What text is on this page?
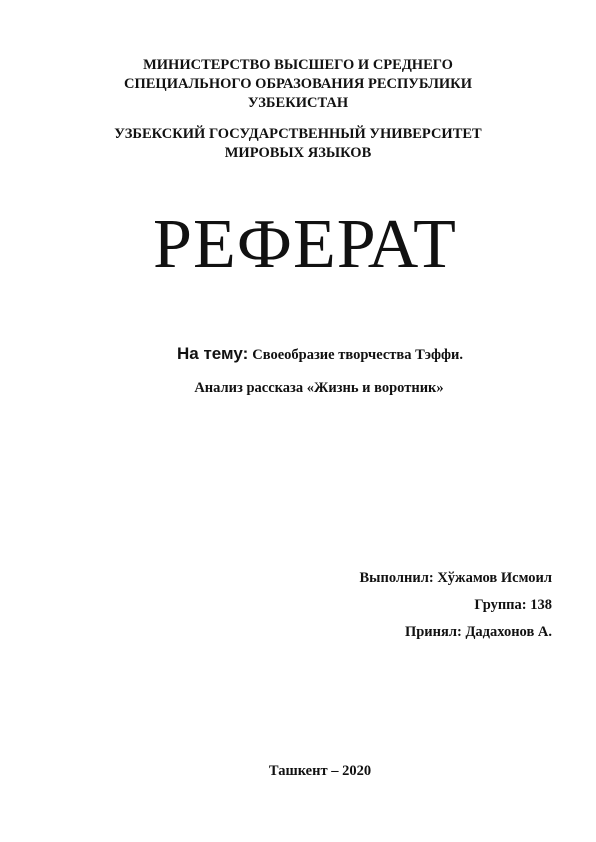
МИНИСТЕРСТВО ВЫСШЕГО И СРЕДНЕГО
СПЕЦИАЛЬНОГО ОБРАЗОВАНИЯ РЕСПУБЛИКИ
УЗБЕКИСТАН
УЗБЕКСКИЙ ГОСУДАРСТВЕННЫЙ УНИВЕРСИТЕТ
МИРОВЫХ ЯЗЫКОВ
РЕФЕРАТ
На тему: Своеобразие творчества Тэффи.
Анализ рассказа «Жизнь и воротник»
Выполнил: Хўжамов Исмоил
Группа: 138
Принял: Дадахонов А.
Ташкент – 2020
